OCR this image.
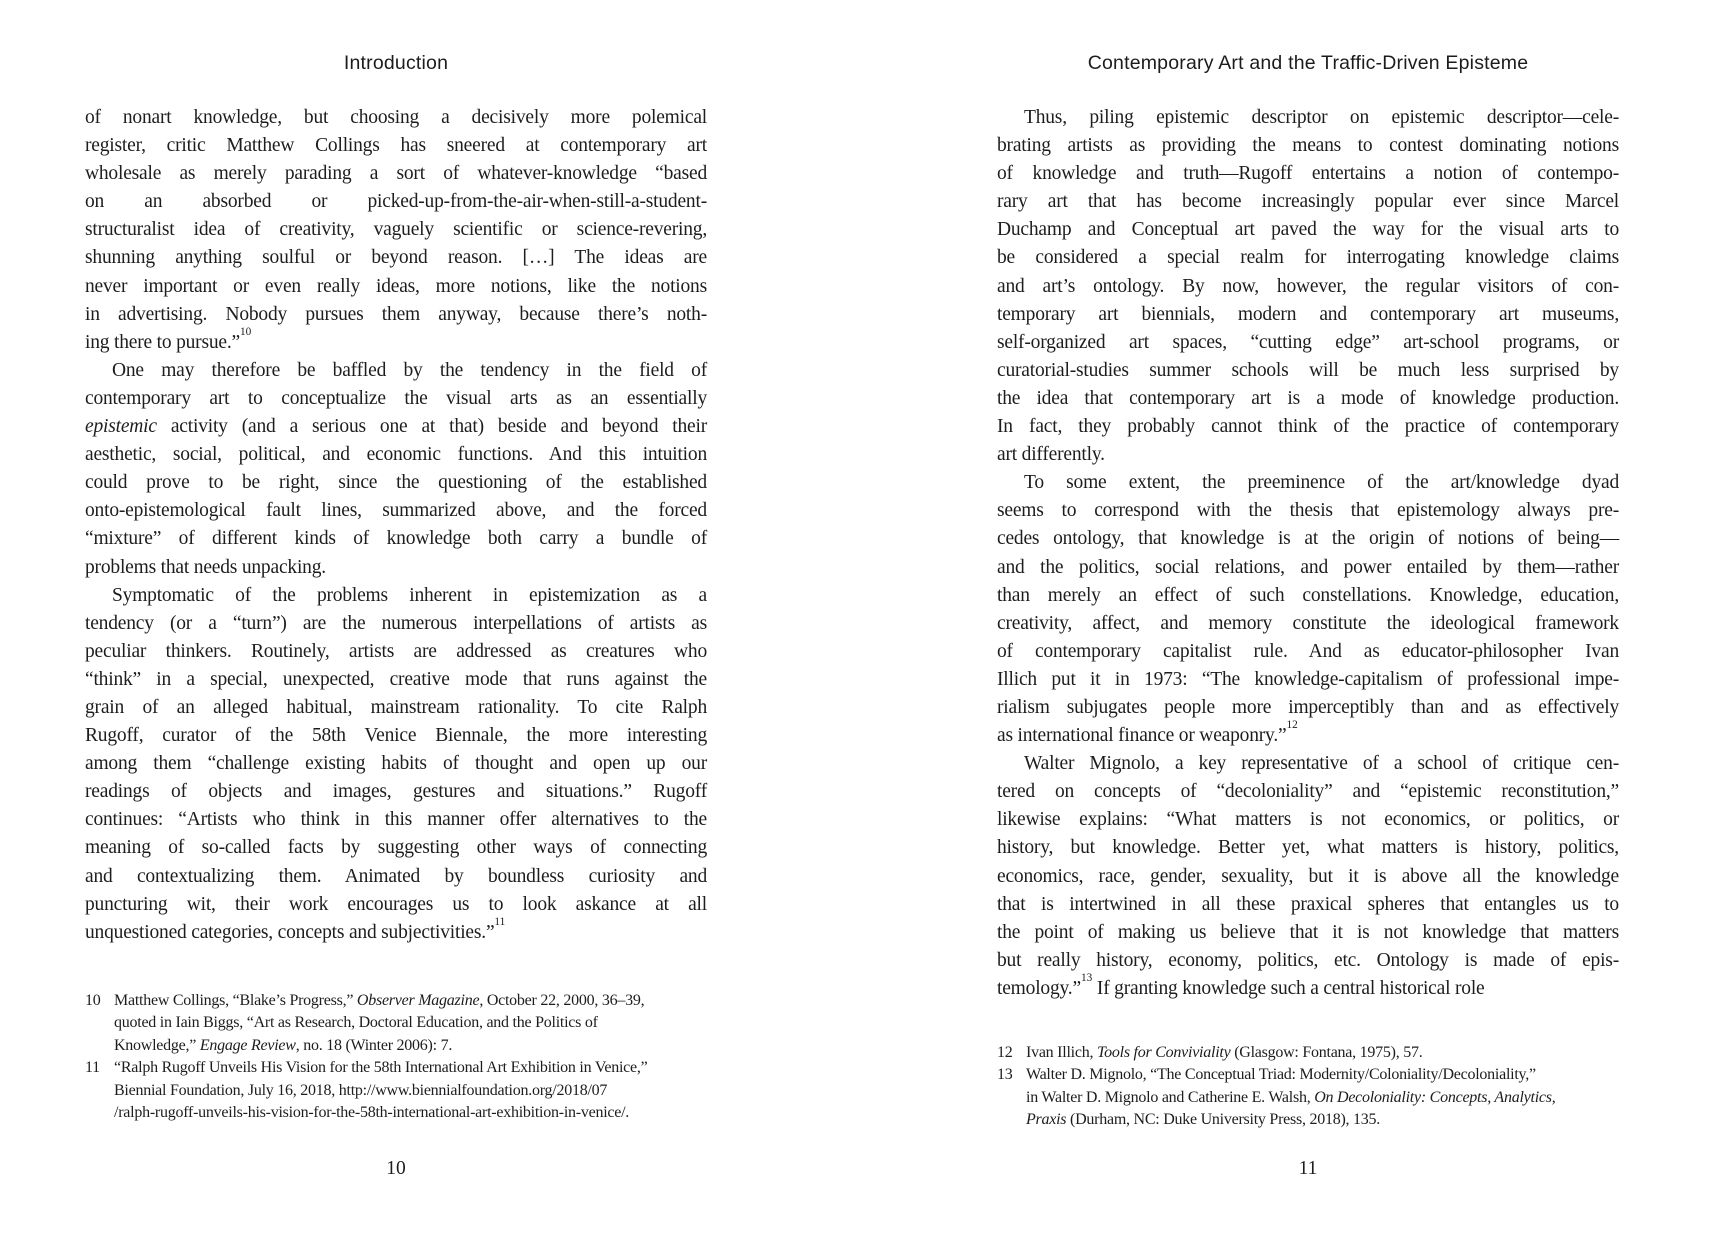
Introduction
of nonart knowledge, but choosing a decisively more polemical
register, critic Matthew Collings has sneered at contemporary art
wholesale as merely parading a sort of whatever-knowledge “based
on an absorbed or picked-up-from-the-air-when-still-a-student-
structuralist idea of creativity, vaguely scientific or science-revering,
shunning anything soulful or beyond reason. […] The ideas are
never important or even really ideas, more notions, like the notions
in advertising. Nobody pursues them anyway, because there’s noth-
ing there to pursue.”$^{10}$
One may therefore be baffled by the tendency in the field of
contemporary art to conceptualize the visual arts as an essentially
epistemic activity (and a serious one at that) beside and beyond their
aesthetic, social, political, and economic functions. And this intuition
could prove to be right, since the questioning of the established
onto-epistemological fault lines, summarized above, and the forced
“mixture” of different kinds of knowledge both carry a bundle of
problems that needs unpacking.
Symptomatic of the problems inherent in epistemization as a
tendency (or a “turn”) are the numerous interpellations of artists as
peculiar thinkers. Routinely, artists are addressed as creatures who
“think” in a special, unexpected, creative mode that runs against the
grain of an alleged habitual, mainstream rationality. To cite Ralph
Rugoff, curator of the 58th Venice Biennale, the more interesting
among them “challenge existing habits of thought and open up our
readings of objects and images, gestures and situations.” Rugoff
continues: “Artists who think in this manner offer alternatives to the
meaning of so-called facts by suggesting other ways of connecting
and contextualizing them. Animated by boundless curiosity and
puncturing wit, their work encourages us to look askance at all
unquestioned categories, concepts and subjectivities.”$^{11}$
10 Matthew Collings, “Blake’s Progress,” Observer Magazine, October 22, 2000, 36–39,
quoted in Iain Biggs, “Art as Research, Doctoral Education, and the Politics of
Knowledge,” Engage Review, no. 18 (Winter 2006): 7.
11 “Ralph Rugoff Unveils His Vision for the 58th International Art Exhibition in Venice,”
Biennial Foundation, July 16, 2018, http://www.biennialfoundation.org/2018/07
/ralph-rugoff-unveils-his-vision-for-the-58th-international-art-exhibition-in-venice/.
10
Contemporary Art and the Traffic-Driven Episteme
Thus, piling epistemic descriptor on epistemic descriptor—cele-
brating artists as providing the means to contest dominating notions
of knowledge and truth—Rugoff entertains a notion of contempo-
rary art that has become increasingly popular ever since Marcel
Duchamp and Conceptual art paved the way for the visual arts to
be considered a special realm for interrogating knowledge claims
and art’s ontology. By now, however, the regular visitors of con-
temporary art biennials, modern and contemporary art museums,
self-organized art spaces, “cutting edge” art-school programs, or
curatorial-studies summer schools will be much less surprised by
the idea that contemporary art is a mode of knowledge production.
In fact, they probably cannot think of the practice of contemporary
art differently.
To some extent, the preeminence of the art/knowledge dyad
seems to correspond with the thesis that epistemology always pre-
cedes ontology, that knowledge is at the origin of notions of being—
and the politics, social relations, and power entailed by them—rather
than merely an effect of such constellations. Knowledge, education,
creativity, affect, and memory constitute the ideological framework
of contemporary capitalist rule. And as educator-philosopher Ivan
Illich put it in 1973: “The knowledge-capitalism of professional impe-
rialism subjugates people more imperceptibly than and as effectively
as international finance or weaponry.”$^{12}$
Walter Mignolo, a key representative of a school of critique cen-
tered on concepts of “decoloniality” and “epistemic reconstitution,”
likewise explains: “What matters is not economics, or politics, or
history, but knowledge. Better yet, what matters is history, politics,
economics, race, gender, sexuality, but it is above all the knowledge
that is intertwined in all these praxical spheres that entangles us to
the point of making us believe that it is not knowledge that matters
but really history, economy, politics, etc. Ontology is made of epis-
temology.”$^{13}$ If granting knowledge such a central historical role
12 Ivan Illich, Tools for Conviviality (Glasgow: Fontana, 1975), 57.
13 Walter D. Mignolo, “The Conceptual Triad: Modernity/Coloniality/Decoloniality,”
in Walter D. Mignolo and Catherine E. Walsh, On Decoloniality: Concepts, Analytics,
Praxis (Durham, NC: Duke University Press, 2018), 135.
11
